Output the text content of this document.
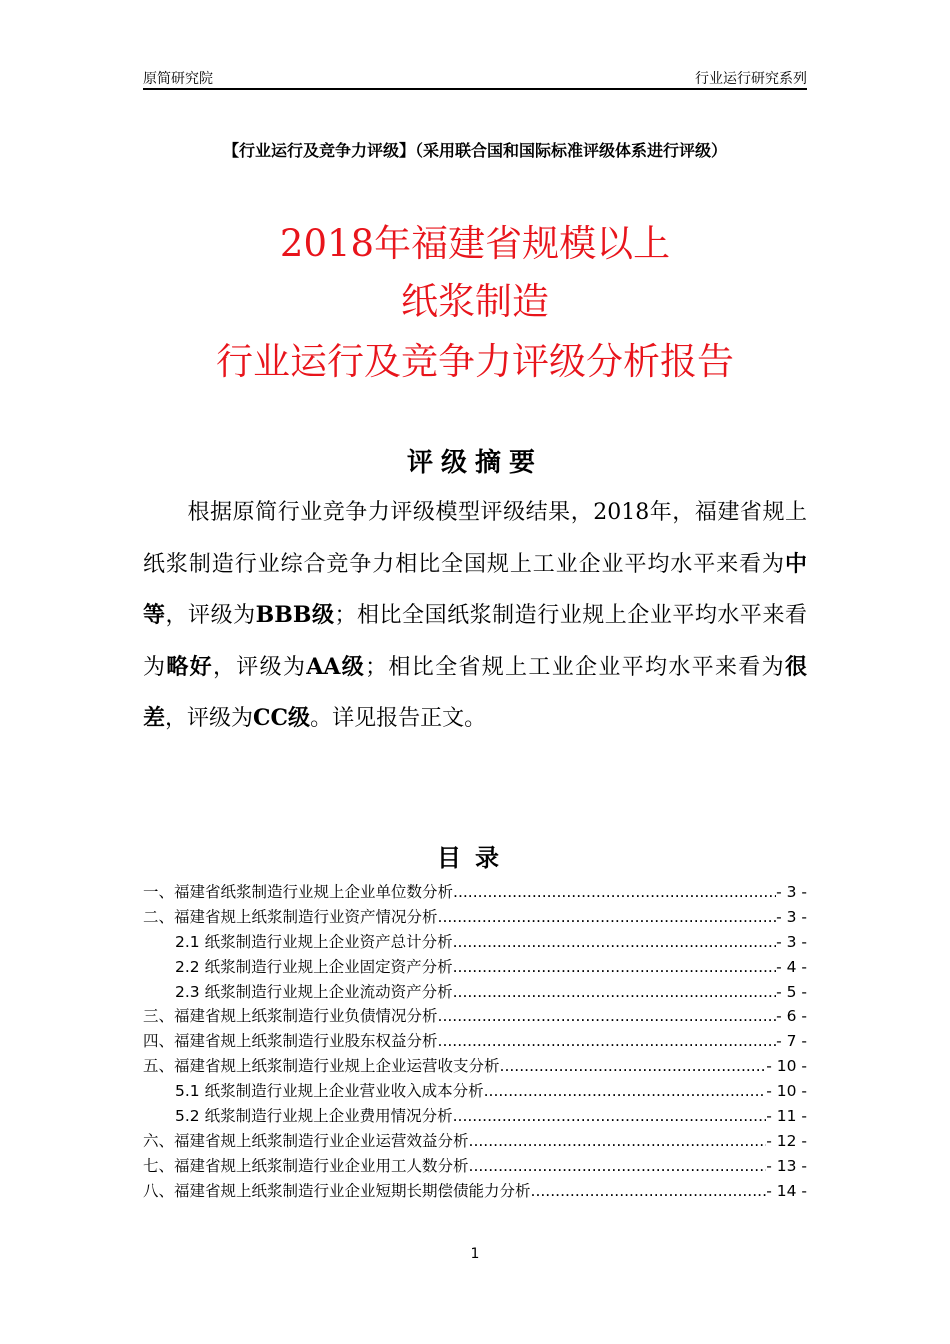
原简研究院	行业运行研究系列
【行业运行及竞争力评级】（采用联合国和国际标准评级体系进行评级）
2018年福建省规模以上
纸浆制造
行业运行及竞争力评级分析报告
评级摘要
根据原简行业竞争力评级模型评级结果，2018年，福建省规上纸浆制造行业综合竞争力相比全国规上工业企业平均水平来看为中等，评级为BBB级；相比全国纸浆制造行业规上企业平均水平来看为略好，评级为AA级；相比全省规上工业企业平均水平来看为很差，评级为CC级。详见报告正文。
目录
一、福建省纸浆制造行业规上企业单位数分析 .....	- 3 -
二、福建省规上纸浆制造行业资产情况分析 .....	- 3 -
2.1 纸浆制造行业规上企业资产总计分析 .....	- 3 -
2.2 纸浆制造行业规上企业固定资产分析 .....	- 4 -
2.3 纸浆制造行业规上企业流动资产分析 .....	- 5 -
三、福建省规上纸浆制造行业负债情况分析 .....	- 6 -
四、福建省规上纸浆制造行业股东权益分析 .....	- 7 -
五、福建省规上纸浆制造行业规上企业运营收支分析 .....	- 10 -
5.1 纸浆制造行业规上企业营业收入成本分析 .....	- 10 -
5.2 纸浆制造行业规上企业费用情况分析 .....	- 11 -
六、福建省规上纸浆制造行业企业运营效益分析 .....	- 12 -
七、福建省规上纸浆制造行业企业用工人数分析 .....	- 13 -
八、福建省规上纸浆制造行业企业短期长期偿债能力分析 .....	- 14 -
1
